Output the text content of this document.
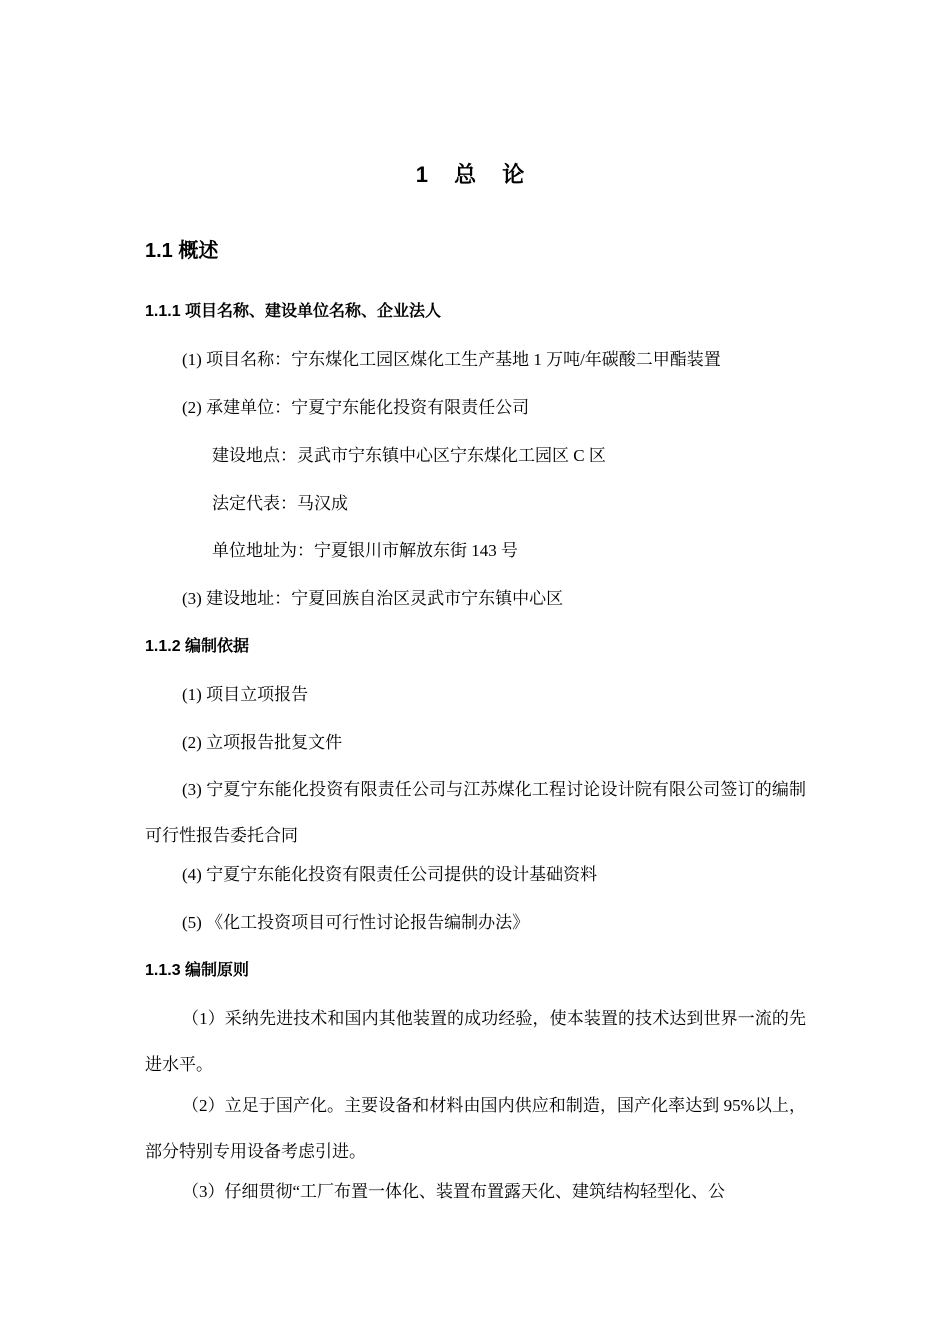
1 总 论
1.1 概述
1.1.1 项目名称、建设单位名称、企业法人
(1) 项目名称：宁东煤化工园区煤化工生产基地 1 万吨/年碳酸二甲酯装置
(2) 承建单位：宁夏宁东能化投资有限责任公司
建设地点：灵武市宁东镇中心区宁东煤化工园区 C 区
法定代表：马汉成
单位地址为：宁夏银川市解放东街 143 号
(3) 建设地址：宁夏回族自治区灵武市宁东镇中心区
1.1.2 编制依据
(1) 项目立项报告
(2) 立项报告批复文件
(3) 宁夏宁东能化投资有限责任公司与江苏煤化工程讨论设计院有限公司签订的编制可行性报告委托合同
(4) 宁夏宁东能化投资有限责任公司提供的设计基础资料
(5) 《化工投资项目可行性讨论报告编制办法》
1.1.3 编制原则
（1）采纳先进技术和国内其他装置的成功经验，使本装置的技术达到世界一流的先进水平。
（2）立足于国产化。主要设备和材料由国内供应和制造，国产化率达到 95%以上，部分特别专用设备考虑引进。
（3）仔细贯彻“工厂布置一体化、装置布置露天化、建筑结构轻型化、公
